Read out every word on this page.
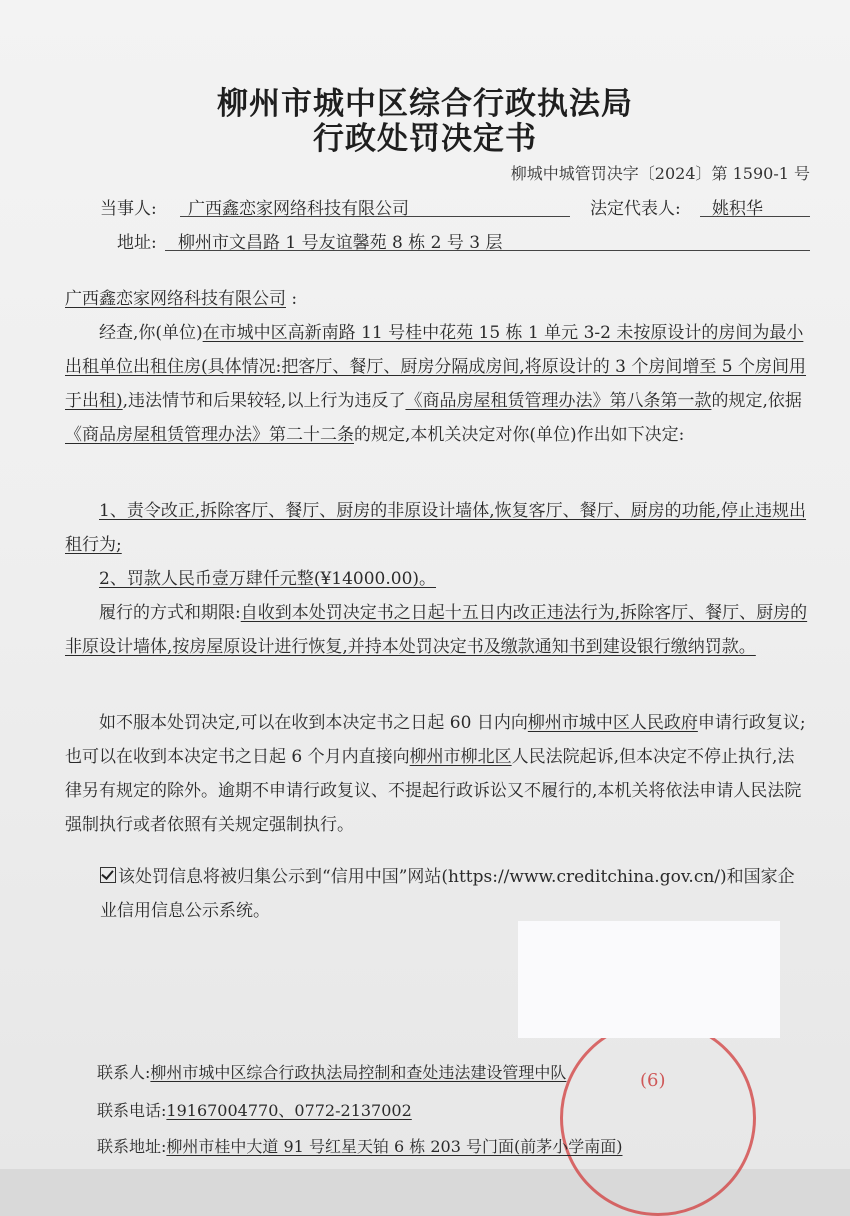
柳州市城中区综合行政执法局
行政处罚决定书
柳城中城管罚决字〔2024〕第 1590-1 号
当事人: 广西鑫恋家网络科技有限公司	法定代表人: 姚积华
地址: 柳州市文昌路 1 号友谊馨苑 8 栋 2 号 3 层

广西鑫恋家网络科技有限公司 :

经查,你(单位)在市城中区高新南路 11 号桂中花苑 15 栋 1 单元 3-2 未按原设计的房间为最小出租单位出租住房(具体情况:把客厅、餐厅、厨房分隔成房间,将原设计的 3 个房间增至 5 个房间用于出租),违法情节和后果较轻,以上行为违反了《商品房屋租赁管理办法》第八条第一款的规定,依据《商品房屋租赁管理办法》第二十二条的规定,本机关决定对你(单位)作出如下决定:

1、责令改正,拆除客厅、餐厅、厨房的非原设计墙体,恢复客厅、餐厅、厨房的功能,停止违规出租行为;

2、罚款人民币壹万肆仟元整(¥14000.00)。

履行的方式和期限:自收到本处罚决定书之日起十五日内改正违法行为,拆除客厅、餐厅、厨房的非原设计墙体,按房屋原设计进行恢复,并持本处罚决定书及缴款通知书到建设银行缴纳罚款。

如不服本处罚决定,可以在收到本决定书之日起 60 日内向柳州市城中区人民政府申请行政复议;也可以在收到本决定书之日起 6 个月内直接向柳州市柳北区人民法院起诉,但本决定不停止执行,法律另有规定的除外。逾期不申请行政复议、不提起行政诉讼又不履行的,本机关将依法申请人民法院强制执行或者依照有关规定强制执行。

该处罚信息将被归集公示到“信用中国”网站(https://www.creditchina.gov.cn/)和国家企业信用信息公示系统。

(6)
联系人:柳州市城中区综合行政执法局控制和查处违法建设管理中队
联系电话:19167004770、0772-2137002
联系地址:柳州市桂中大道 91 号红星天铂 6 栋 203 号门面(前茅小学南面)
